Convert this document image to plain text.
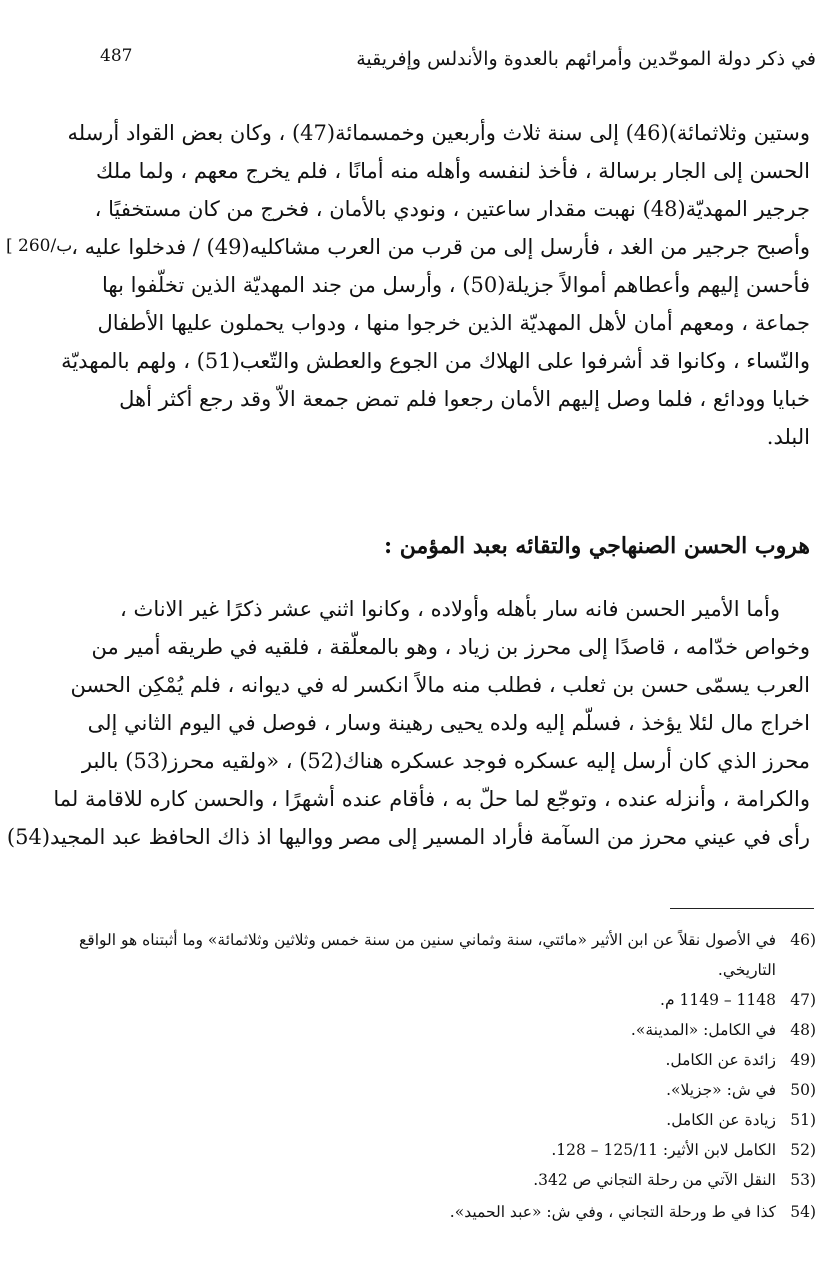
في ذكر دولة الموحّدين وأمرائهم بالعدوة والأندلس وإفريقية
487
[ 260/ب
وستين وثلاثمائة)(46) إلى سنة ثلاث وأربعين وخمسمائة(47) ، وكان بعض القواد أرسله
الحسن إلى الجار برسالة ، فأخذ لنفسه وأهله منه أمانًا ، فلم يخرج معهم ، ولما ملك
جرجير المهديّة(48) نهبت مقدار ساعتين ، ونودي بالأمان ، فخرج من كان مستخفيًا ،
وأصبح جرجير من الغد ، فأرسل إلى من قرب من العرب مشاكليه(49) / فدخلوا عليه ،
فأحسن إليهم وأعطاهم أموالاً جزيلة(50) ، وأرسل من جند المهديّة الذين تخلّفوا بها
جماعة ، ومعهم أمان لأهل المهديّة الذين خرجوا منها ، ودواب يحملون عليها الأطفال
والنّساء ، وكانوا قد أشرفوا على الهلاك من الجوع والعطش والتّعب(51) ، ولهم بالمهديّة
خبايا وودائع ، فلما وصل إليهم الأمان رجعوا فلم تمض جمعة الاّ وقد رجع أكثر أهل
البلد.
هروب الحسن الصنهاجي والتقائه بعبد المؤمن :
وأما الأمير الحسن فانه سار بأهله وأولاده ، وكانوا اثني عشر ذكرًا غير الاناث ،
وخواص خدّامه ، قاصدًا إلى محرز بن زياد ، وهو بالمعلّقة ، فلقيه في طريقه أمير من
العرب يسمّى حسن بن ثعلب ، فطلب منه مالاً انكسر له في ديوانه ، فلم يُمْكِن الحسن
اخراج مال لئلا يؤخذ ، فسلّم إليه ولده يحيى رهينة وسار ، فوصل في اليوم الثاني إلى
محرز الذي كان أرسل إليه عسكره فوجد عسكره هناك(52) ، «ولقيه محرز(53) بالبر
والكرامة ، وأنزله عنده ، وتوجّع لما حلّ به ، فأقام عنده أشهرًا ، والحسن كاره للاقامة لما
رأى في عيني محرز من السآمة فأراد المسير إلى مصر وواليها اذ ذاك الحافظ عبد المجيد(54)
(46في الأصول نقلاً عن ابن الأثير «مائتي، سنة وثماني سنين من سنة خمس وثلاثين وثلاثمائة» وما أثبتناه هو الواقع
التاريخي.
(471148 – 1149 م.
(48في الكامل: «المدينة».
(49زائدة عن الكامل.
(50في ش: «جزيلا».
(51زيادة عن الكامل.
(52الكامل لابن الأثير: 125/11 – 128.
(53النقل الآتي من رحلة التجاني ص 342.
(54كذا في ط ورحلة التجاني ، وفي ش: «عبد الحميد».
